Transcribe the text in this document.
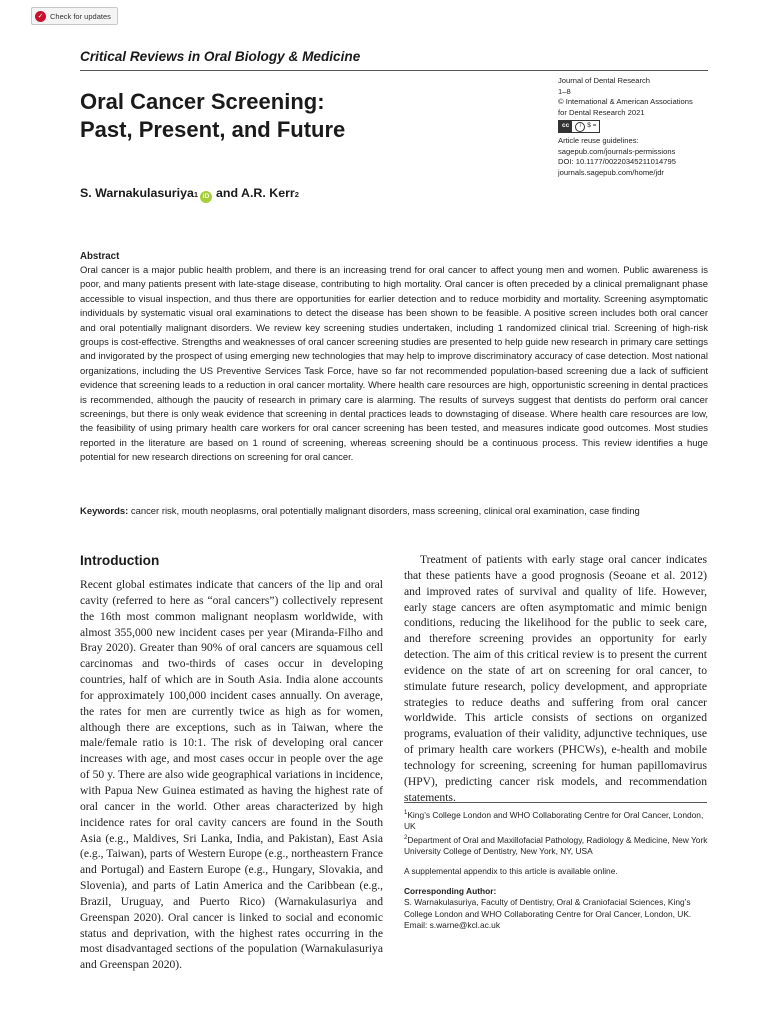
✓ Check for updates
Critical Reviews in Oral Biology & Medicine
Journal of Dental Research
1–8
© International & American Associations
for Dental Research 2021
cc	i $ =
Article reuse guidelines:
sagepub.com/journals-permissions
DOI: 10.1177/00220345211014795
journals.sagepub.com/home/jdr
Oral Cancer Screening:
Past, Present, and Future
S. Warnakulasuriya 1 iD and A.R. Kerr 2
Abstract
Oral cancer is a major public health problem, and there is an increasing trend for oral cancer to affect young men and women. Public awareness is poor, and many patients present with late-stage disease, contributing to high mortality. Oral cancer is often preceded by a clinical premalignant phase accessible to visual inspection, and thus there are opportunities for earlier detection and to reduce morbidity and mortality. Screening asymptomatic individuals by systematic visual oral examinations to detect the disease has been shown to be feasible. A positive screen includes both oral cancer and oral potentially malignant disorders. We review key screening studies undertaken, including 1 randomized clinical trial. Screening of high-risk groups is cost-effective. Strengths and weaknesses of oral cancer screening studies are presented to help guide new research in primary care settings and invigorated by the prospect of using emerging new technologies that may help to improve discriminatory accuracy of case detection. Most national organizations, including the US Preventive Services Task Force, have so far not recommended population-based screening due a lack of sufficient evidence that screening leads to a reduction in oral cancer mortality. Where health care resources are high, opportunistic screening in dental practices is recommended, although the paucity of research in primary care is alarming. The results of surveys suggest that dentists do perform oral cancer screenings, but there is only weak evidence that screening in dental practices leads to downstaging of disease. Where health care resources are low, the feasibility of using primary health care workers for oral cancer screening has been tested, and measures indicate good outcomes. Most studies reported in the literature are based on 1 round of screening, whereas screening should be a continuous process. This review identifies a huge potential for new research directions on screening for oral cancer.
Keywords: cancer risk, mouth neoplasms, oral potentially malignant disorders, mass screening, clinical oral examination, case finding
Introduction
Recent global estimates indicate that cancers of the lip and oral cavity (referred to here as “oral cancers”) collectively represent the 16th most common malignant neoplasm worldwide, with almost 355,000 new incident cases per year (Miranda-Filho and Bray 2020). Greater than 90% of oral cancers are squamous cell carcinomas and two-thirds of cases occur in developing countries, half of which are in South Asia. India alone accounts for approximately 100,000 incident cases annually. On average, the rates for men are currently twice as high as for women, although there are exceptions, such as in Taiwan, where the male/female ratio is 10:1. The risk of developing oral cancer increases with age, and most cases occur in people over the age of 50 y. There are also wide geographical variations in incidence, with Papua New Guinea estimated as having the highest rate of oral cancer in the world. Other areas characterized by high incidence rates for oral cavity cancers are found in the South Asia (e.g., Maldives, Sri Lanka, India, and Pakistan), East Asia (e.g., Taiwan), parts of Western Europe (e.g., northeastern France and Portugal) and Eastern Europe (e.g., Hungary, Slovakia, and Slovenia), and parts of Latin America and the Caribbean (e.g., Brazil, Uruguay, and Puerto Rico) (Warnakulasuriya and Greenspan 2020). Oral cancer is linked to social and economic status and deprivation, with the highest rates occurring in the most disadvantaged sections of the population (Warnakulasuriya and Greenspan 2020).
Treatment of patients with early stage oral cancer indicates that these patients have a good prognosis (Seoane et al. 2012) and improved rates of survival and quality of life. However, early stage cancers are often asymptomatic and mimic benign conditions, reducing the likelihood for the public to seek care, and therefore screening provides an opportunity for early detection. The aim of this critical review is to present the current evidence on the state of art on screening for oral cancer, to stimulate future research, policy development, and appropriate strategies to reduce deaths and suffering from oral cancer worldwide. This article consists of sections on organized programs, evaluation of their validity, adjunctive techniques, use of primary health care workers (PHCWs), e-health and mobile technology for screening, screening for human papillomavirus (HPV), predicting cancer risk models, and recommendation statements.
$^1$King’s College London and WHO Collaborating Centre for Oral Cancer, London, UK
$^2$Department of Oral and Maxillofacial Pathology, Radiology & Medicine, New York University College of Dentistry, New York, NY, USA
A supplemental appendix to this article is available online.
Corresponding Author:
S. Warnakulasuriya, Faculty of Dentistry, Oral & Craniofacial Sciences, King’s College London and WHO Collaborating Centre for Oral Cancer, London, UK.
Email: s.warne@kcl.ac.uk
